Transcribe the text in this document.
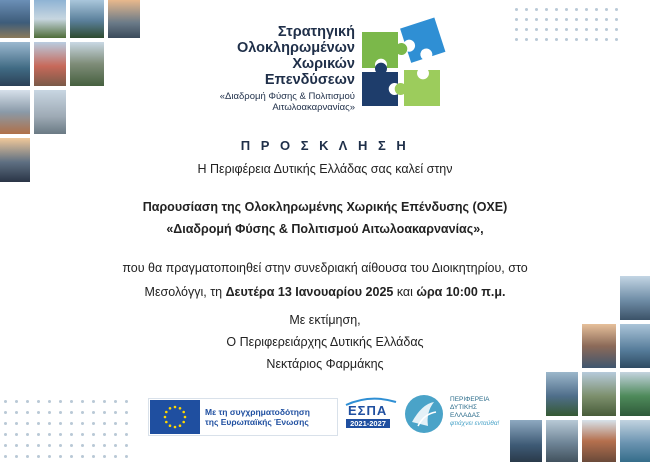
Στρατηγική
Ολοκληρωμένων
Χωρικών Επενδύσεων
«Διαδρομή Φύσης & Πολιτισμού
Αιτωλοακαρνανίας»
Π Ρ Ο Σ Κ Λ Η Σ Η
Η Περιφέρεια Δυτικής Ελλάδας σας καλεί στην
Παρουσίαση της Ολοκληρωμένης Χωρικής Επένδυσης (ΟΧΕ)
«Διαδρομή Φύσης & Πολιτισμού Αιτωλοακαρνανίας»,
που θα πραγματοποιηθεί στην συνεδριακή αίθουσα του Διοικητηρίου, στο
Μεσολόγγι, τη Δευτέρα 13 Ιανουαρίου 2025 και ώρα 10:00 π.μ.
Με εκτίμηση,
Ο Περιφερειάρχης Δυτικής Ελλάδας
Νεκτάριος Φαρμάκης
Με τη συγχρηματοδότηση
της Ευρωπαϊκής Ένωσης
ΕΣΠΑ
2021-2027
ΠΕΡΙΦΕΡΕΙΑ
ΔΥΤΙΚΗΣ
ΕΛΛΑΔΑΣ
φτιάχνει ενταύθα!
